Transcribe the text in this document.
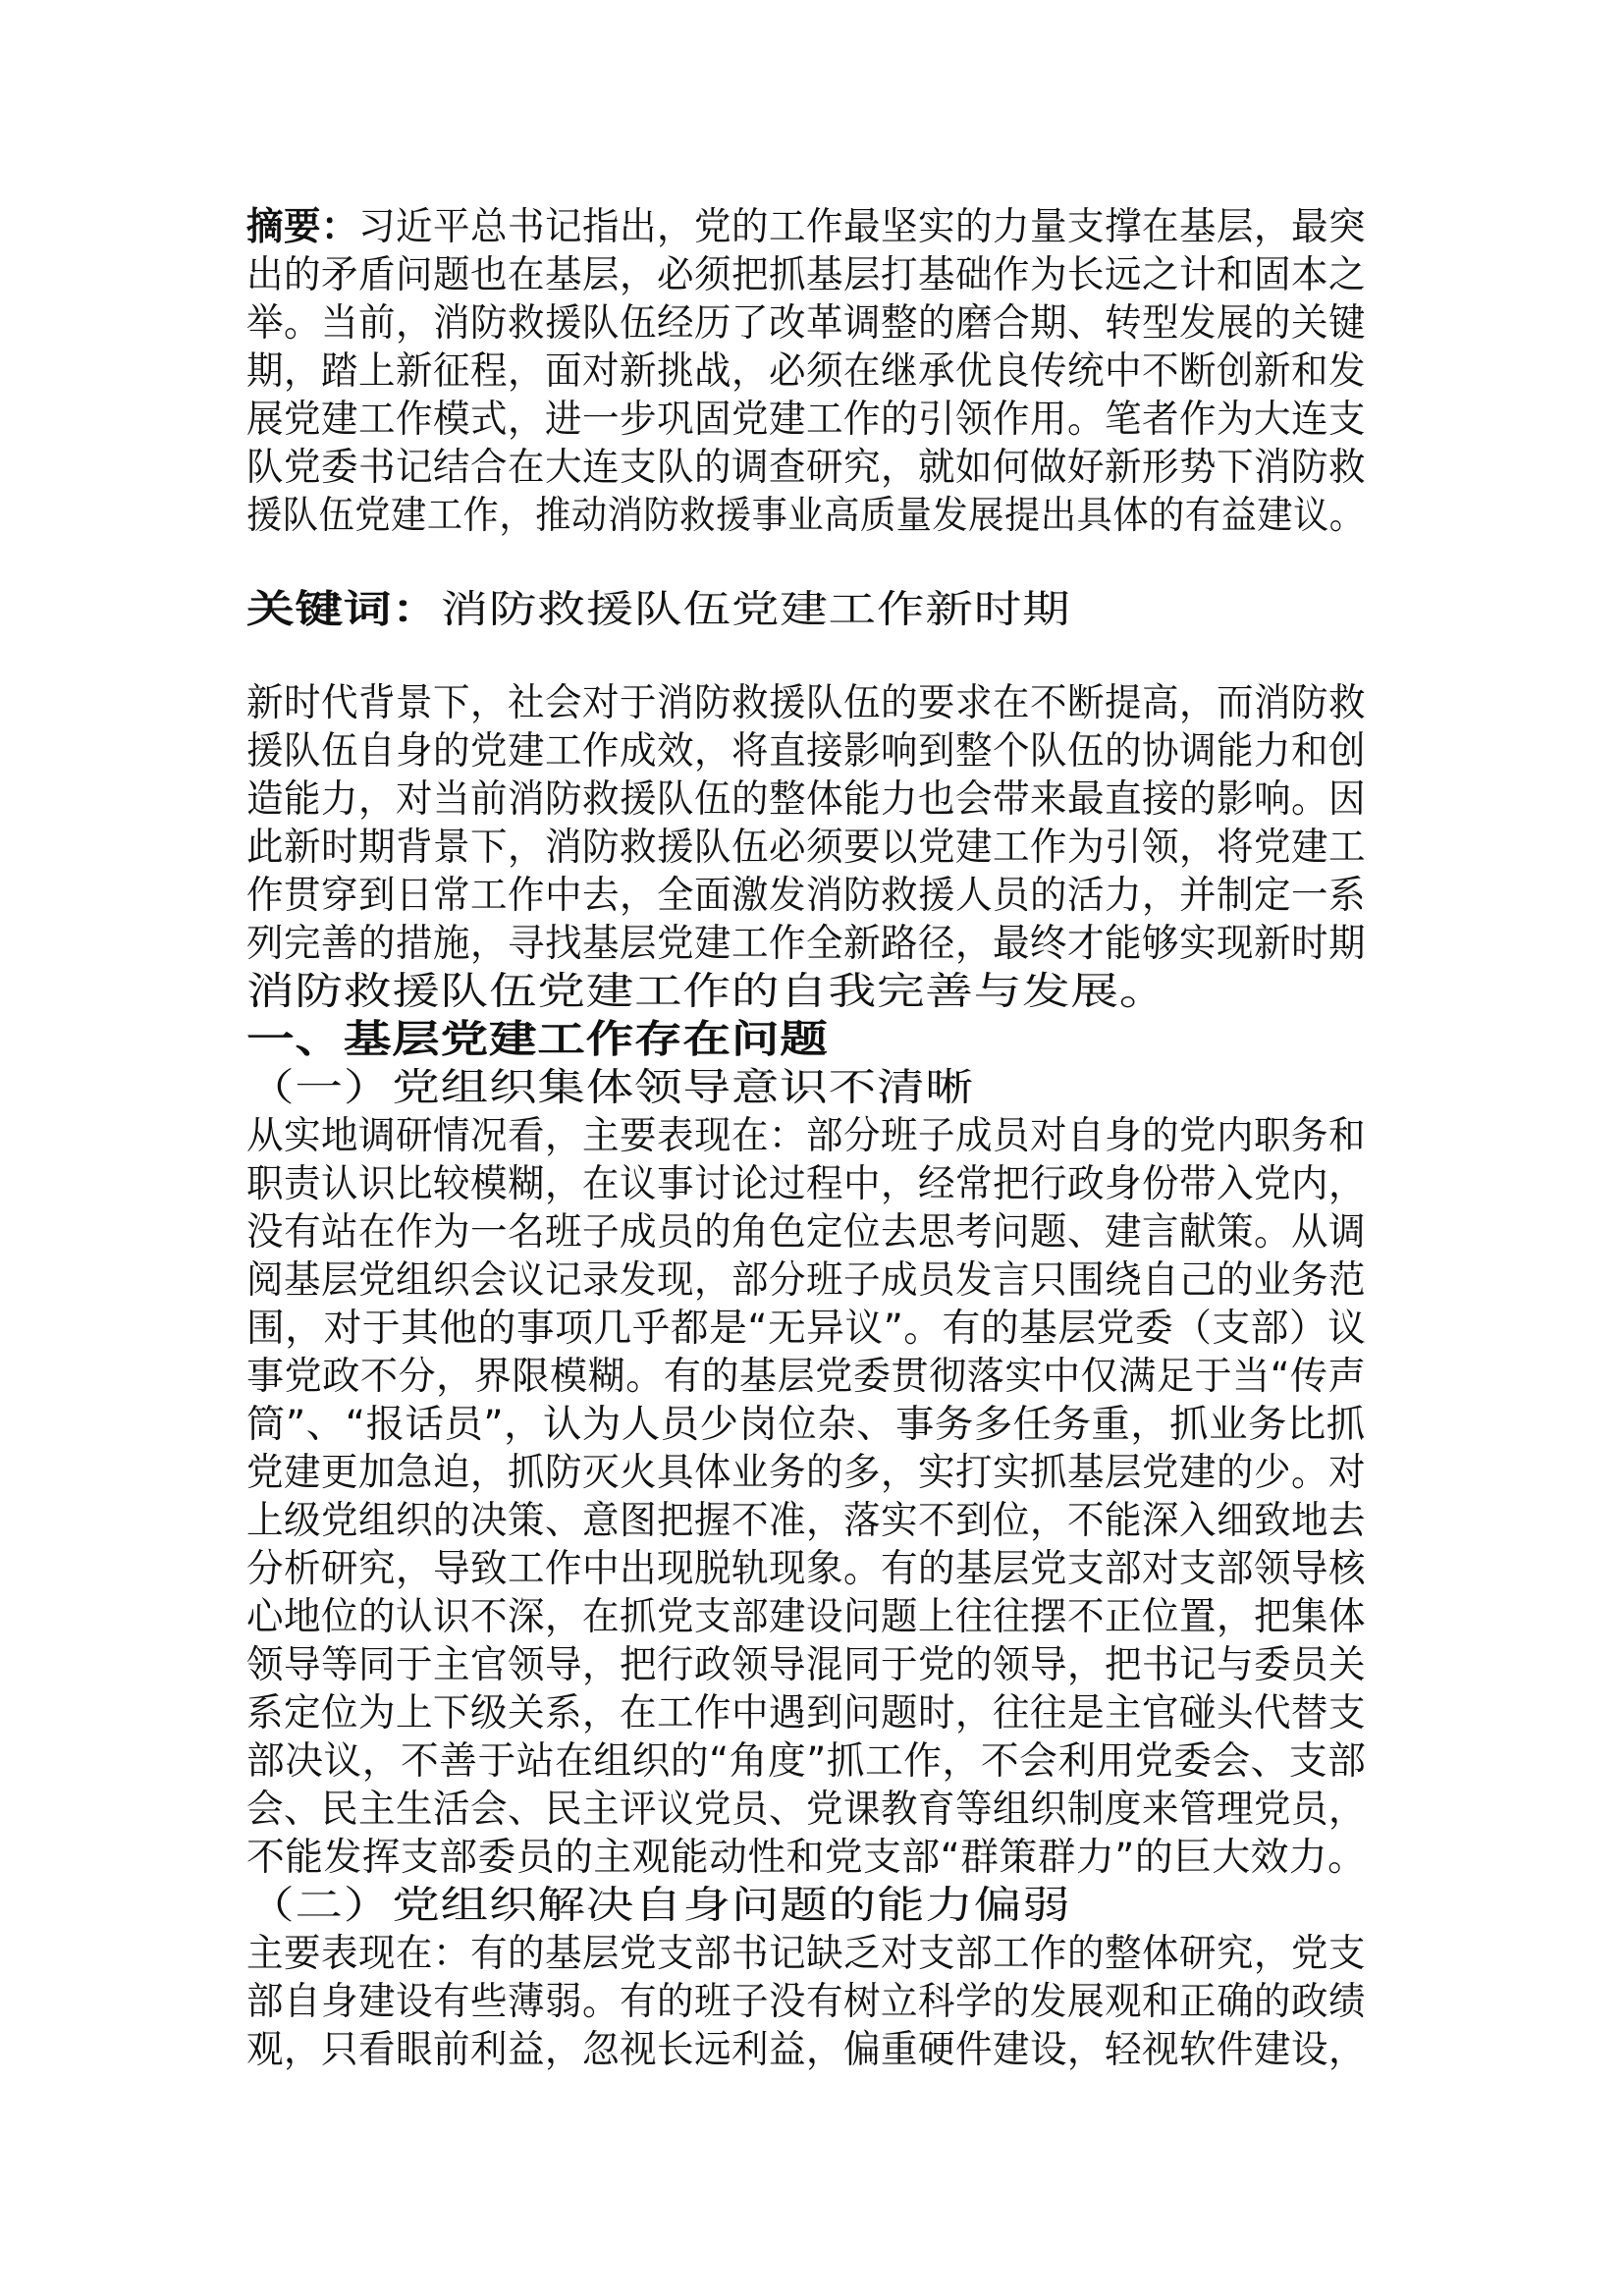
摘要：习近平总书记指出，党的工作最坚实的力量支撑在基层，最突
出的矛盾问题也在基层，必须把抓基层打基础作为长远之计和固本之
举。当前，消防救援队伍经历了改革调整的磨合期、转型发展的关键
期，踏上新征程，面对新挑战，必须在继承优良传统中不断创新和发
展党建工作模式，进一步巩固党建工作的引领作用。笔者作为大连支
队党委书记结合在大连支队的调查研究，就如何做好新形势下消防救
援队伍党建工作，推动消防救援事业高质量发展提出具体的有益建议。
关键词：消防救援队伍党建工作新时期
新时代背景下，社会对于消防救援队伍的要求在不断提高，而消防救
援队伍自身的党建工作成效，将直接影响到整个队伍的协调能力和创
造能力，对当前消防救援队伍的整体能力也会带来最直接的影响。因
此新时期背景下，消防救援队伍必须要以党建工作为引领，将党建工
作贯穿到日常工作中去，全面激发消防救援人员的活力，并制定一系
列完善的措施，寻找基层党建工作全新路径，最终才能够实现新时期
消防救援队伍党建工作的自我完善与发展。
一、基层党建工作存在问题
（一）党组织集体领导意识不清晰
从实地调研情况看，主要表现在：部分班子成员对自身的党内职务和
职责认识比较模糊，在议事讨论过程中，经常把行政身份带入党内，
没有站在作为一名班子成员的角色定位去思考问题、建言献策。从调
阅基层党组织会议记录发现，部分班子成员发言只围绕自己的业务范
围，对于其他的事项几乎都是“无异议”。有的基层党委（支部）议
事党政不分，界限模糊。有的基层党委贯彻落实中仅满足于当“传声
筒”、“报话员”，认为人员少岗位杂、事务多任务重，抓业务比抓
党建更加急迫，抓防灭火具体业务的多，实打实抓基层党建的少。对
上级党组织的决策、意图把握不准，落实不到位，不能深入细致地去
分析研究，导致工作中出现脱轨现象。有的基层党支部对支部领导核
心地位的认识不深，在抓党支部建设问题上往往摆不正位置，把集体
领导等同于主官领导，把行政领导混同于党的领导，把书记与委员关
系定位为上下级关系，在工作中遇到问题时，往往是主官碰头代替支
部决议，不善于站在组织的“角度”抓工作，不会利用党委会、支部
会、民主生活会、民主评议党员、党课教育等组织制度来管理党员，
不能发挥支部委员的主观能动性和党支部“群策群力”的巨大效力。
（二）党组织解决自身问题的能力偏弱
主要表现在：有的基层党支部书记缺乏对支部工作的整体研究，党支
部自身建设有些薄弱。有的班子没有树立科学的发展观和正确的政绩
观，只看眼前利益，忽视长远利益，偏重硬件建设，轻视软件建设，
